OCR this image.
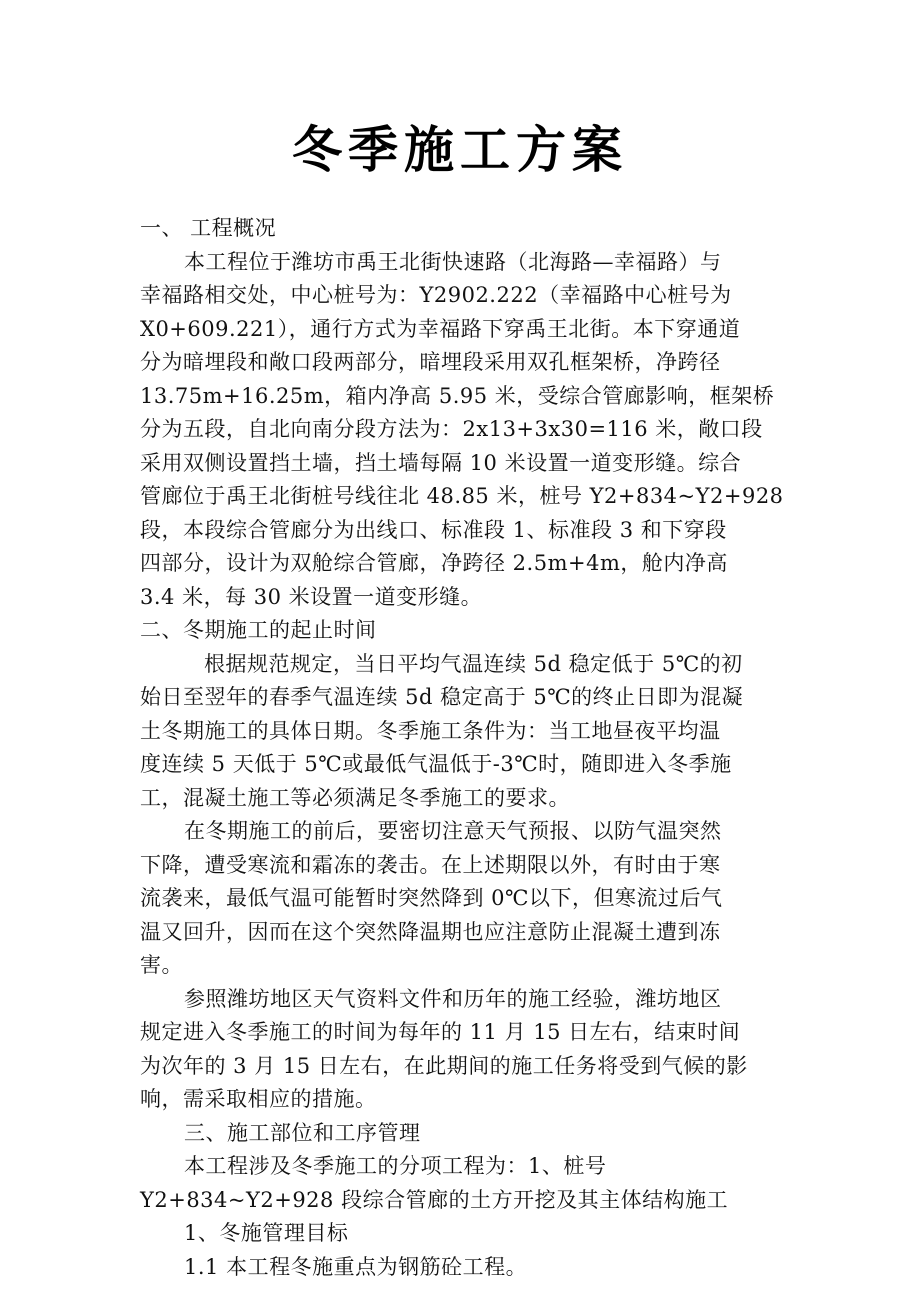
冬季施工方案
一、 工程概况
本工程位于潍坊市禹王北街快速路（北海路—幸福路）与
幸福路相交处，中心桩号为：Y2902.222（幸福路中心桩号为
X0+609.221），通行方式为幸福路下穿禹王北街。本下穿通道
分为暗埋段和敞口段两部分，暗埋段采用双孔框架桥，净跨径
13.75m+16.25m，箱内净高 5.95 米，受综合管廊影响，框架桥
分为五段，自北向南分段方法为：2x13+3x30=116 米，敞口段
采用双侧设置挡土墙，挡土墙每隔 10 米设置一道变形缝。综合
管廊位于禹王北街桩号线往北 48.85 米，桩号 Y2+834~Y2+928
段，本段综合管廊分为出线口、标准段 1、标准段 3 和下穿段
四部分，设计为双舱综合管廊，净跨径 2.5m+4m，舱内净高
3.4 米，每 30 米设置一道变形缝。
二、冬期施工的起止时间
根据规范规定，当日平均气温连续 5d 稳定低于 5℃的初
始日至翌年的春季气温连续 5d 稳定高于 5℃的终止日即为混凝
土冬期施工的具体日期。冬季施工条件为：当工地昼夜平均温
度连续 5 天低于 5℃或最低气温低于-3℃时，随即进入冬季施
工，混凝土施工等必须满足冬季施工的要求。
在冬期施工的前后，要密切注意天气预报、以防气温突然
下降，遭受寒流和霜冻的袭击。在上述期限以外，有时由于寒
流袭来，最低气温可能暂时突然降到 0℃以下，但寒流过后气
温又回升，因而在这个突然降温期也应注意防止混凝土遭到冻
害。
参照潍坊地区天气资料文件和历年的施工经验，潍坊地区
规定进入冬季施工的时间为每年的 11 月 15 日左右，结束时间
为次年的 3 月 15 日左右，在此期间的施工任务将受到气候的影
响，需采取相应的措施。
三、施工部位和工序管理
本工程涉及冬季施工的分项工程为：1、桩号
Y2+834~Y2+928 段综合管廊的土方开挖及其主体结构施工
1、冬施管理目标
1.1 本工程冬施重点为钢筋砼工程。
